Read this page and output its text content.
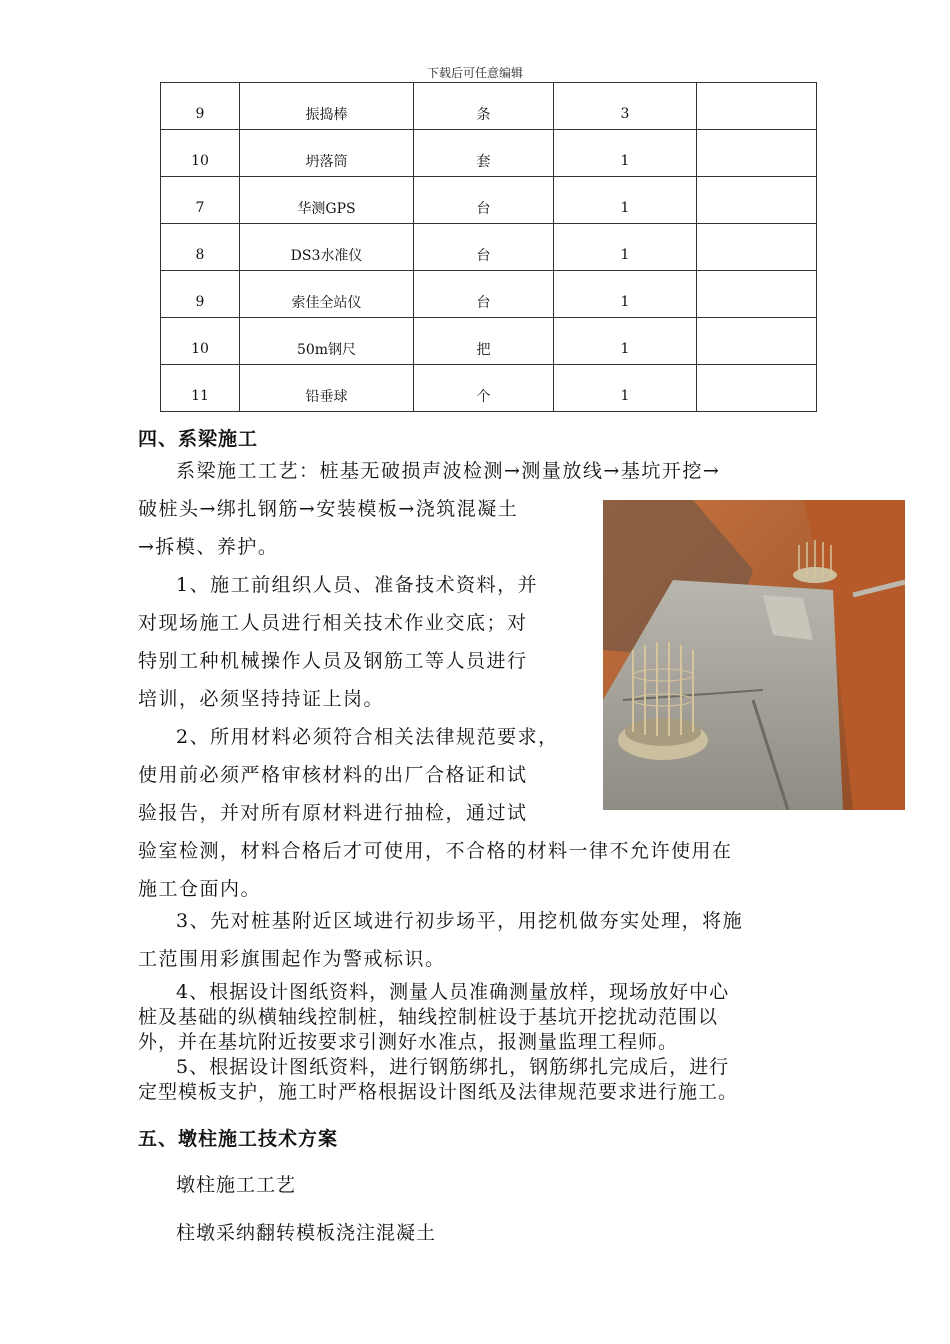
下载后可任意编辑
9	振捣棒	条	3	
10	坍落筒	套	1	
7	华测GPS	台	1	
8	DS3水准仪	台	1	
9	索佳全站仪	台	1	
10	50m钢尺	把	1	
11	铅垂球	个	1	
四、系梁施工
系梁施工工艺：桩基无破损声波检测→测量放线→基坑开挖→
破桩头→绑扎钢筋→安装模板→浇筑混凝土
→拆模、养护。
1、施工前组织人员、准备技术资料，并
对现场施工人员进行相关技术作业交底；对
特别工种机械操作人员及钢筋工等人员进行
培训，必须坚持持证上岗。
2、所用材料必须符合相关法律规范要求，
使用前必须严格审核材料的出厂合格证和试
验报告，并对所有原材料进行抽检，通过试
验室检测，材料合格后才可使用，不合格的材料一律不允许使用在
施工仓面内。
3、先对桩基附近区域进行初步场平，用挖机做夯实处理，将施
工范围用彩旗围起作为警戒标识。
4、根据设计图纸资料，测量人员准确测量放样，现场放好中心
桩及基础的纵横轴线控制桩，轴线控制桩设于基坑开挖扰动范围以
外，并在基坑附近按要求引测好水准点，报测量监理工程师。
5、根据设计图纸资料，进行钢筋绑扎，钢筋绑扎完成后，进行
定型模板支护，施工时严格根据设计图纸及法律规范要求进行施工。
五、墩柱施工技术方案
墩柱施工工艺
柱墩采纳翻转模板浇注混凝土
